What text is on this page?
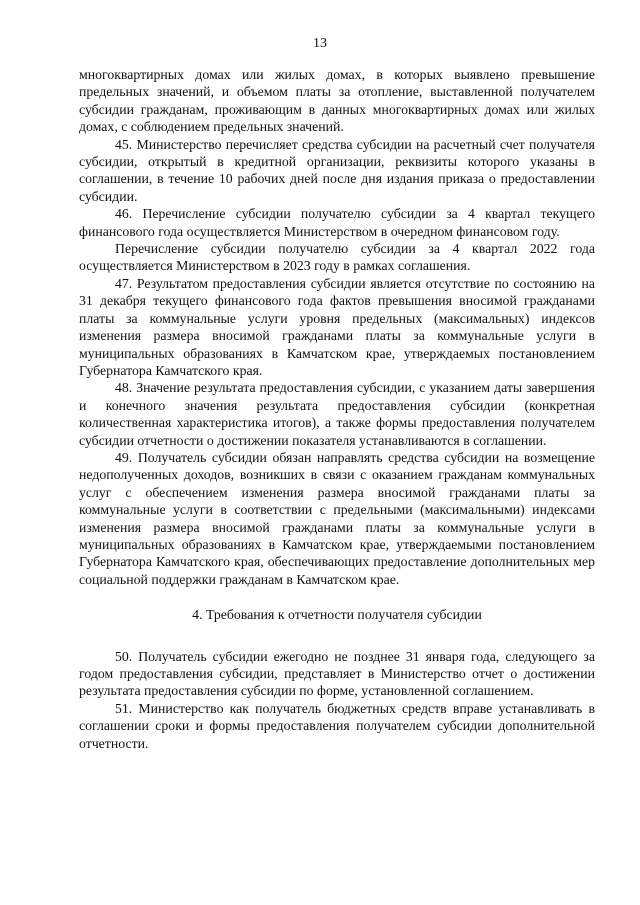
13

многоквартирных домах или жилых домах, в которых выявлено превышение предельных значений, и объемом платы за отопление, выставленной получателем субсидии гражданам, проживающим в данных многоквартирных домах или жилых домах, с соблюдением предельных значений.

45. Министерство перечисляет средства субсидии на расчетный счет получателя субсидии, открытый в кредитной организации, реквизиты которого указаны в соглашении, в течение 10 рабочих дней после дня издания приказа о предоставлении субсидии.

46. Перечисление субсидии получателю субсидии за 4 квартал текущего финансового года осуществляется Министерством в очередном финансовом году.

Перечисление субсидии получателю субсидии за 4 квартал 2022 года осуществляется Министерством в 2023 году в рамках соглашения.

47. Результатом предоставления субсидии является отсутствие по состоянию на 31 декабря текущего финансового года фактов превышения вносимой гражданами платы за коммунальные услуги уровня предельных (максимальных) индексов изменения размера вносимой гражданами платы за коммунальные услуги в муниципальных образованиях в Камчатском крае, утверждаемых постановлением Губернатора Камчатского края.

48. Значение результата предоставления субсидии, с указанием даты завершения и конечного значения результата предоставления субсидии (конкретная количественная характеристика итогов), а также формы предоставления получателем субсидии отчетности о достижении показателя устанавливаются в соглашении.

49. Получатель субсидии обязан направлять средства субсидии на возмещение недополученных доходов, возникших в связи с оказанием гражданам коммунальных услуг с обеспечением изменения размера вносимой гражданами платы за коммунальные услуги в соответствии с предельными (максимальными) индексами изменения размера вносимой гражданами платы за коммунальные услуги в муниципальных образованиях в Камчатском крае, утверждаемыми постановлением Губернатора Камчатского края, обеспечивающих предоставление дополнительных мер социальной поддержки гражданам в Камчатском крае.

4. Требования к отчетности получателя субсидии

50. Получатель субсидии ежегодно не позднее 31 января года, следующего за годом предоставления субсидии, представляет в Министерство отчет о достижении результата предоставления субсидии по форме, установленной соглашением.

51. Министерство как получатель бюджетных средств вправе устанавливать в соглашении сроки и формы предоставления получателем субсидии дополнительной отчетности.
